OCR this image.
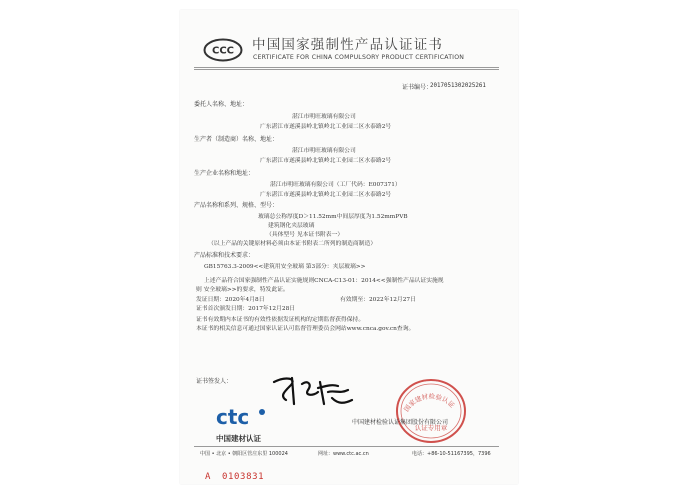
CCC 中国国家强制性产品认证证书
CERTIFICATE FOR CHINA COMPULSORY PRODUCT CERTIFICATION
证书编号：
2017051302025261
委托人名称、地址：
湛江市明旺玻璃有限公司
广东湛江市遂溪县岭北镇岭北工业园二区水泰路2号
生产者（制造商）名称、地址：
湛江市明旺玻璃有限公司
广东湛江市遂溪县岭北镇岭北工业园二区水泰路2号
生产企业名称和地址：
湛江市明旺玻璃有限公司（工厂代码：E007371）
广东湛江市遂溪县岭北镇岭北工业园二区水泰路2号
产品名称和系列、规格、型号：
玻璃总公称厚度D＞11.52mm中间层厚度为1.52mmPVB
建筑钢化夹层玻璃
（具体型号 见本证书附表一）
（以上产品的关键原材料必须由本证书附表二所列的制造商制造）
产品标准和技术要求：
GB15763.3-2009<<建筑用安全玻璃 第3部分：夹层玻璃>>
上述产品符合国家强制性产品认证实施规则CNCA-C13-01：2014<<强制性产品认证实施规
则 安全玻璃>>的要求，特发此证。
发证日期：2020年4月8日	有效期至：2022年12月27日
证书首次颁发日期：2017年12月28日
证书有效期内本证书的有效性依据发证机构的定期监督获得保持。
本证书的相关信息可通过国家认证认可监督管理委员会网站www.cnca.gov.cn查询。
证书签发人：
ctc
中国建材认证
国家建材检验认证
认证专用章
中国建材检验认证集团股份有限公司
中国 • 北京 • 朝阳区管庄东里 100024	网址：www.ctc.ac.cn	电话：+86-10-51167395，7396
A 0103831
